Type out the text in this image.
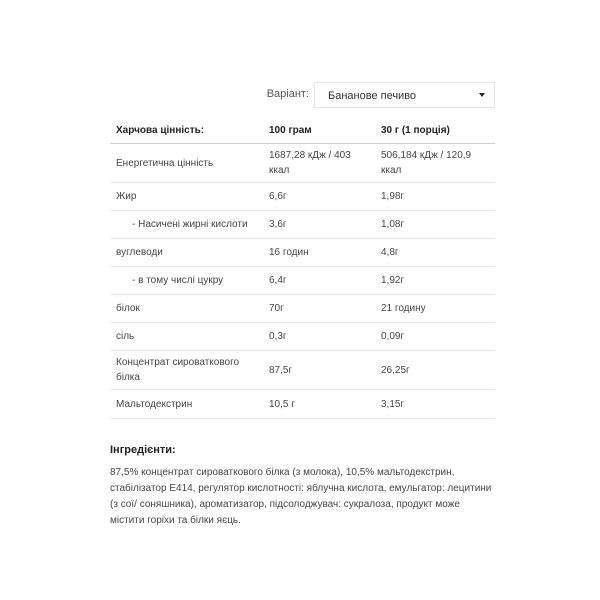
Варіант: Бананове печиво
Харчова цінність:	100 грам	30 г (1 порція)
Енергетична цінність	1687,28 кДж / 403 ккал	506,184 кДж / 120,9 ккал
Жир	6,6г	1,98г
- Насичені жирні кислоти	3,6г	1,08г
вуглеводи	16 годин	4,8г
- в тому числі цукру	6,4г	1,92г
білок	70г	21 годину
сіль	0,3г	0,09г
Концентрат сироваткового білка	87,5г	26,25г
Мальтодекстрин	10,5 г	3,15г
Інгредієнти:
87,5% концентрат сироваткового білка (з молока), 10,5% мальтодекстрин, стабілізатор Е414, регулятор кислотності: яблучна кислота, емульгатор: лецитини (з сої/ соняшника), ароматизатор, підсолоджувач: сукралоза, продукт може містити горіхи та білки яєць.
